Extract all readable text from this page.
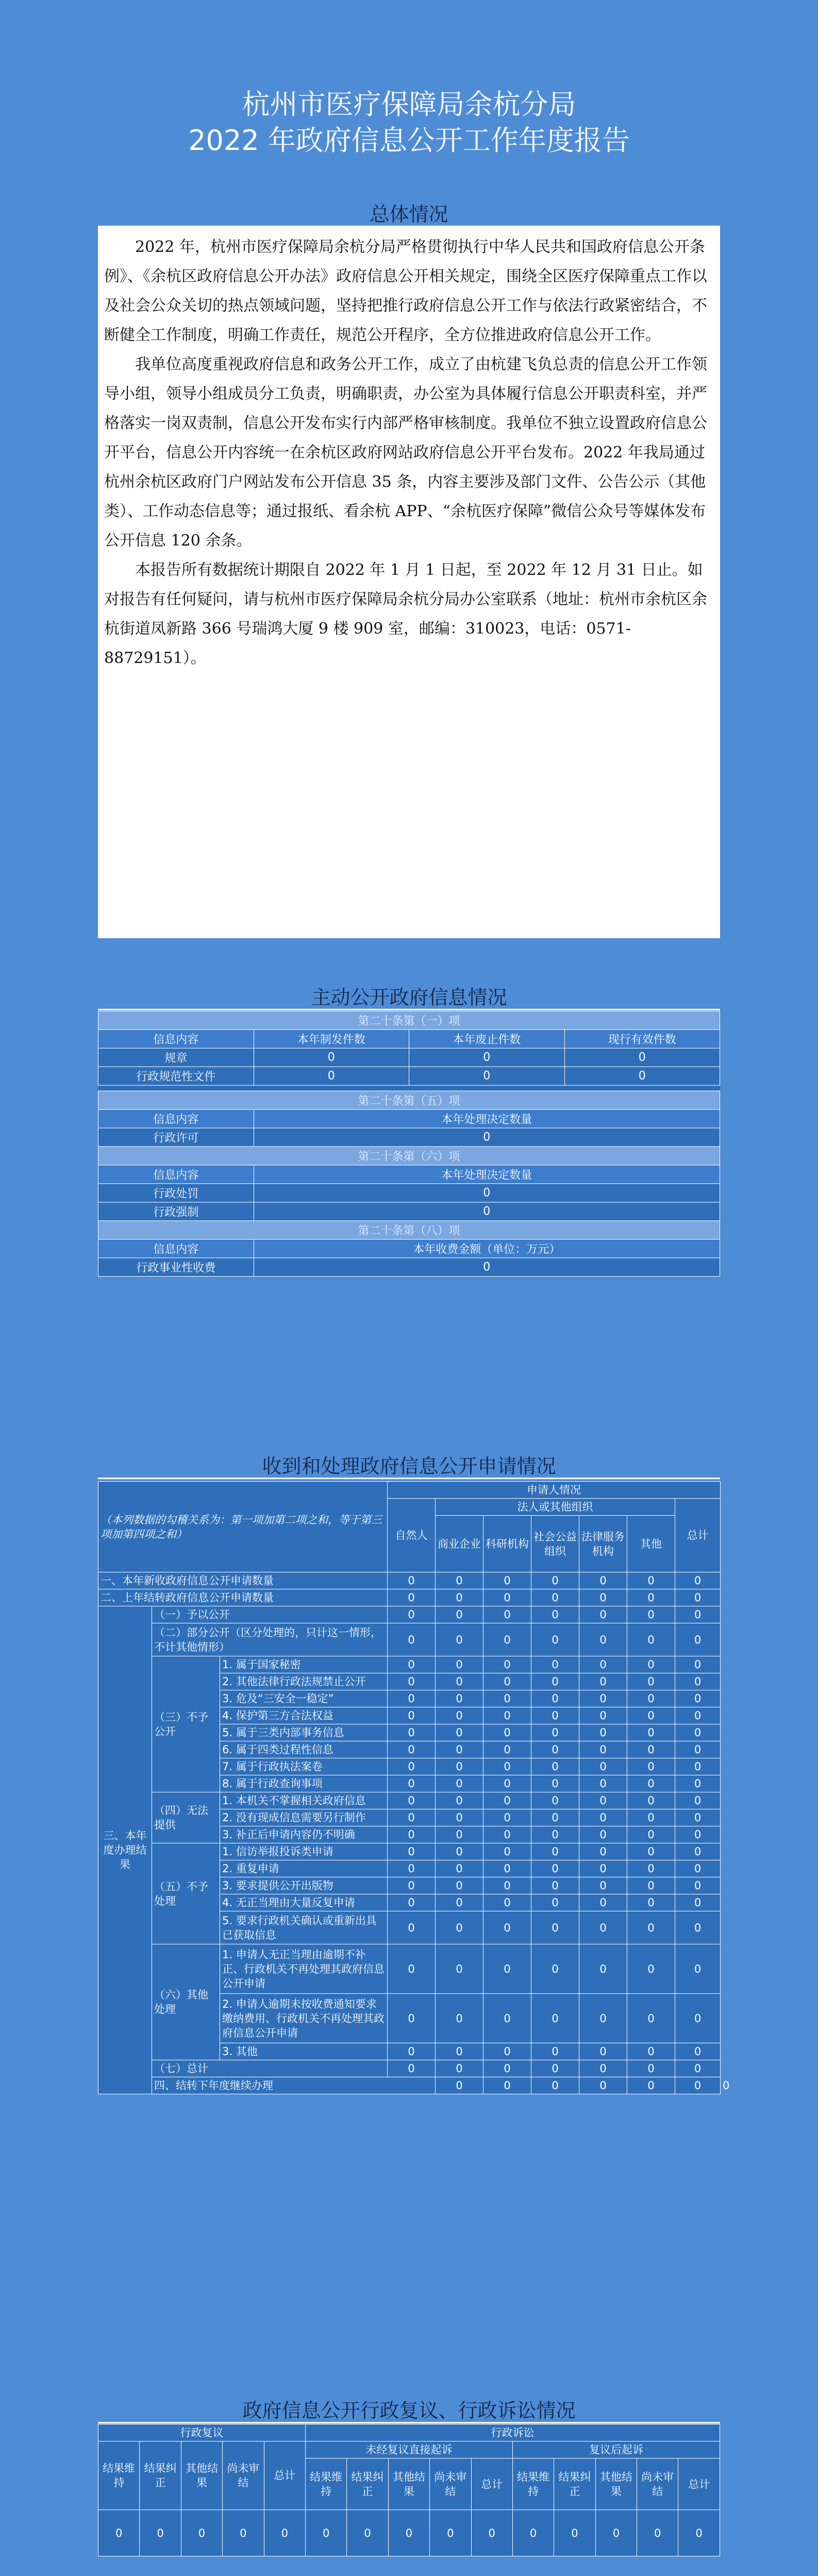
杭州市医疗保障局余杭分局
2022 年政府信息公开工作年度报告
总体情况

2022 年，杭州市医疗保障局余杭分局严格贯彻执行中华人民共和国政府信息公开条例》、《余杭区政府信息公开办法》政府信息公开相关规定，围绕全区医疗保障重点工作以及社会公众关切的热点领域问题，坚持把推行政府信息公开工作与依法行政紧密结合，不断健全工作制度，明确工作责任，规范公开程序，全方位推进政府信息公开工作。

我单位高度重视政府信息和政务公开工作，成立了由杭建飞负总责的信息公开工作领导小组，领导小组成员分工负责，明确职责，办公室为具体履行信息公开职责科室，并严格落实一岗双责制，信息公开发布实行内部严格审核制度。我单位不独立设置政府信息公开平台，信息公开内容统一在余杭区政府网站政府信息公开平台发布。2022 年我局通过杭州余杭区政府门户网站发布公开信息 35 条，内容主要涉及部门文件、公告公示（其他类）、工作动态信息等；通过报纸、看余杭 APP、“余杭医疗保障”微信公众号等媒体发布公开信息 120 余条。

本报告所有数据统计期限自 2022 年 1 月 1 日起，至 2022 年 12 月 31 日止。如对报告有任何疑问，请与杭州市医疗保障局余杭分局办公室联系（地址：杭州市余杭区余杭街道凤新路 366 号瑞鸿大厦 9 楼 909 室，邮编：310023，电话：0571-88729151）。

主动公开政府信息情况
第二十条第（一）项			
信息内容	本年制发件数	本年废止件数	现行有效件数
规章	0	0	0
行政规范性文件	0	0	0
第二十条第（五）项	
信息内容	本年处理决定数量
行政许可	0
第二十条第（六）项	
信息内容	本年处理决定数量
行政处罚	0
行政强制	0
第二十条第（八）项	
信息内容	本年收费金额（单位：万元）
行政事业性收费	0
收到和处理政府信息公开申请情况
（本列数据的勾稽关系为：第一项加第二项之和，等于第三项加第四项之和）			申请人情况							
			自然人	法人或其他组织					总计	
				商业企业	科研机构	社会公益组织	法律服务机构	其他		
一、本年新收政府信息公开申请数量			0	0	0	0	0	0	0	
二、上年结转政府信息公开申请数量			0	0	0	0	0	0	0	
三、本年度办理结果	（一）予以公开		0	0	0	0	0	0	0	
	（二）部分公开（区分处理的，只计这一情形，不计其他情形）		0	0	0	0	0	0	0	
	（三）不予公开	1. 属于国家秘密	0	0	0	0	0	0	0	
		2. 其他法律行政法规禁止公开	0	0	0	0	0	0	0	
		3. 危及“三安全一稳定”	0	0	0	0	0	0	0	
		4. 保护第三方合法权益	0	0	0	0	0	0	0	
		5. 属于三类内部事务信息	0	0	0	0	0	0	0	
		6. 属于四类过程性信息	0	0	0	0	0	0	0	
		7. 属于行政执法案卷	0	0	0	0	0	0	0	
		8. 属于行政查询事项	0	0	0	0	0	0	0	
	（四）无法提供	1. 本机关不掌握相关政府信息	0	0	0	0	0	0	0	
		2. 没有现成信息需要另行制作	0	0	0	0	0	0	0	
		3. 补正后申请内容仍不明确	0	0	0	0	0	0	0	
	（五）不予处理	1. 信访举报投诉类申请	0	0	0	0	0	0	0	
		2. 重复申请	0	0	0	0	0	0	0	
		3. 要求提供公开出版物	0	0	0	0	0	0	0	
		4. 无正当理由大量反复申请	0	0	0	0	0	0	0	
		5. 要求行政机关确认或重新出具已获取信息	0	0	0	0	0	0	0	
	（六）其他处理	1. 申请人无正当理由逾期不补正、行政机关不再处理其政府信息公开申请	0	0	0	0	0	0	0	
		2. 申请人逾期未按收费通知要求缴纳费用、行政机关不再处理其政府信息公开申请	0	0	0	0	0	0	0	
		3. 其他	0	0	0	0	0	0	0	
	（七）总计		0	0	0	0	0	0	0	
	四、结转下年度继续办理			0	0	0	0	0	0	0
政府信息公开行政复议、行政诉讼情况
行政复议					行政诉讼									
结果维持	结果纠正	其他结果	尚未审结	总计	未经复议直接起诉					复议后起诉				
					结果维持	结果纠正	其他结果	尚未审结	总计	结果维持	结果纠正	其他结果	尚未审结	总计
0	0	0	0	0	0	0	0	0	0	0	0	0	0	0
